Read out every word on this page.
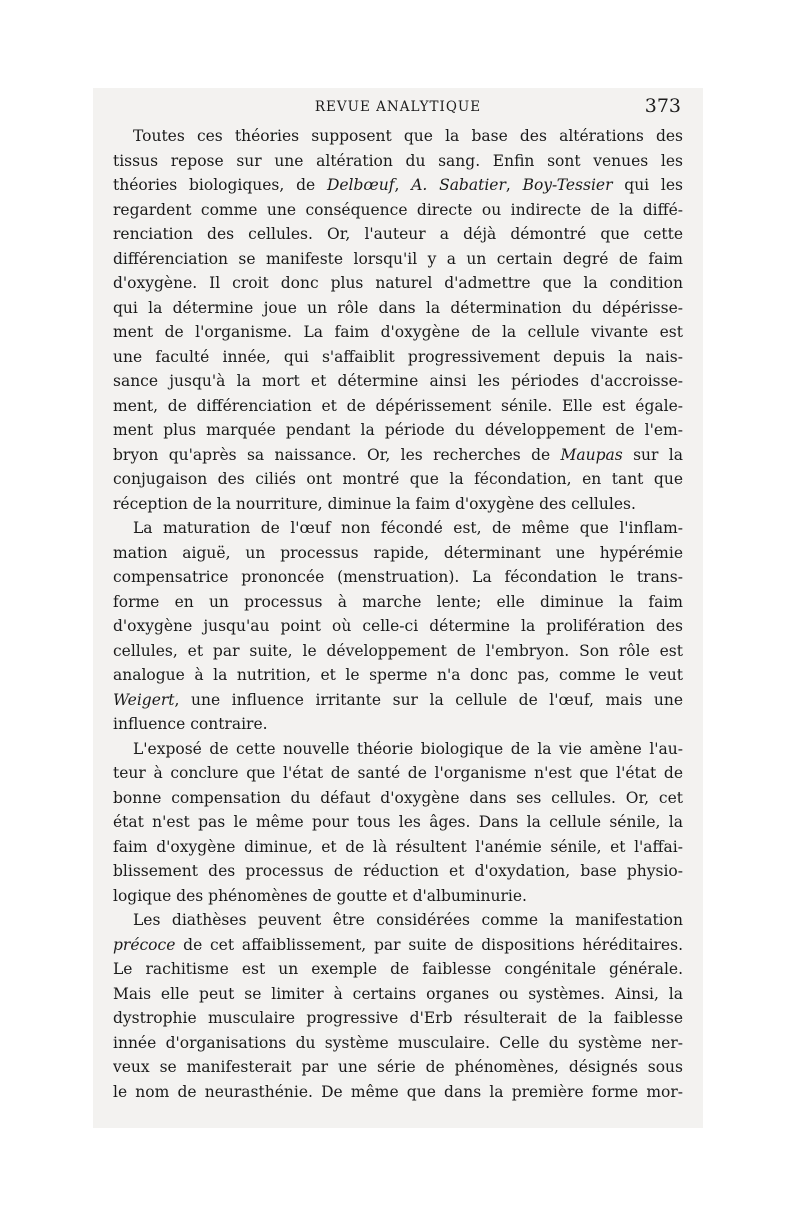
REVUE ANALYTIQUE	373
Toutes ces théories supposent que la base des altérations des
tissus repose sur une altération du sang. Enfin sont venues les
théories biologiques, de Delbœuf, A. Sabatier, Boy-Tessier qui les
regardent comme une conséquence directe ou indirecte de la diffé-
renciation des cellules. Or, l'auteur a déjà démontré que cette
différenciation se manifeste lorsqu'il y a un certain degré de faim
d'oxygène. Il croit donc plus naturel d'admettre que la condition
qui la détermine joue un rôle dans la détermination du dépérisse-
ment de l'organisme. La faim d'oxygène de la cellule vivante est
une faculté innée, qui s'affaiblit progressivement depuis la nais-
sance jusqu'à la mort et détermine ainsi les périodes d'accroisse-
ment, de différenciation et de dépérissement sénile. Elle est égale-
ment plus marquée pendant la période du développement de l'em-
bryon qu'après sa naissance. Or, les recherches de Maupas sur la
conjugaison des ciliés ont montré que la fécondation, en tant que
réception de la nourriture, diminue la faim d'oxygène des cellules.
La maturation de l'œuf non fécondé est, de même que l'inflam-
mation aiguë, un processus rapide, déterminant une hypérémie
compensatrice prononcée (menstruation). La fécondation le trans-
forme en un processus à marche lente; elle diminue la faim
d'oxygène jusqu'au point où celle-ci détermine la prolifération des
cellules, et par suite, le développement de l'embryon. Son rôle est
analogue à la nutrition, et le sperme n'a donc pas, comme le veut
Weigert, une influence irritante sur la cellule de l'œuf, mais une
influence contraire.
L'exposé de cette nouvelle théorie biologique de la vie amène l'au-
teur à conclure que l'état de santé de l'organisme n'est que l'état de
bonne compensation du défaut d'oxygène dans ses cellules. Or, cet
état n'est pas le même pour tous les âges. Dans la cellule sénile, la
faim d'oxygène diminue, et de là résultent l'anémie sénile, et l'affai-
blissement des processus de réduction et d'oxydation, base physio-
logique des phénomènes de goutte et d'albuminurie.
Les diathèses peuvent être considérées comme la manifestation
précoce de cet affaiblissement, par suite de dispositions héréditaires.
Le rachitisme est un exemple de faiblesse congénitale générale.
Mais elle peut se limiter à certains organes ou systèmes. Ainsi, la
dystrophie musculaire progressive d'Erb résulterait de la faiblesse
innée d'organisations du système musculaire. Celle du système ner-
veux se manifesterait par une série de phénomènes, désignés sous
le nom de neurasthénie. De même que dans la première forme mor-
